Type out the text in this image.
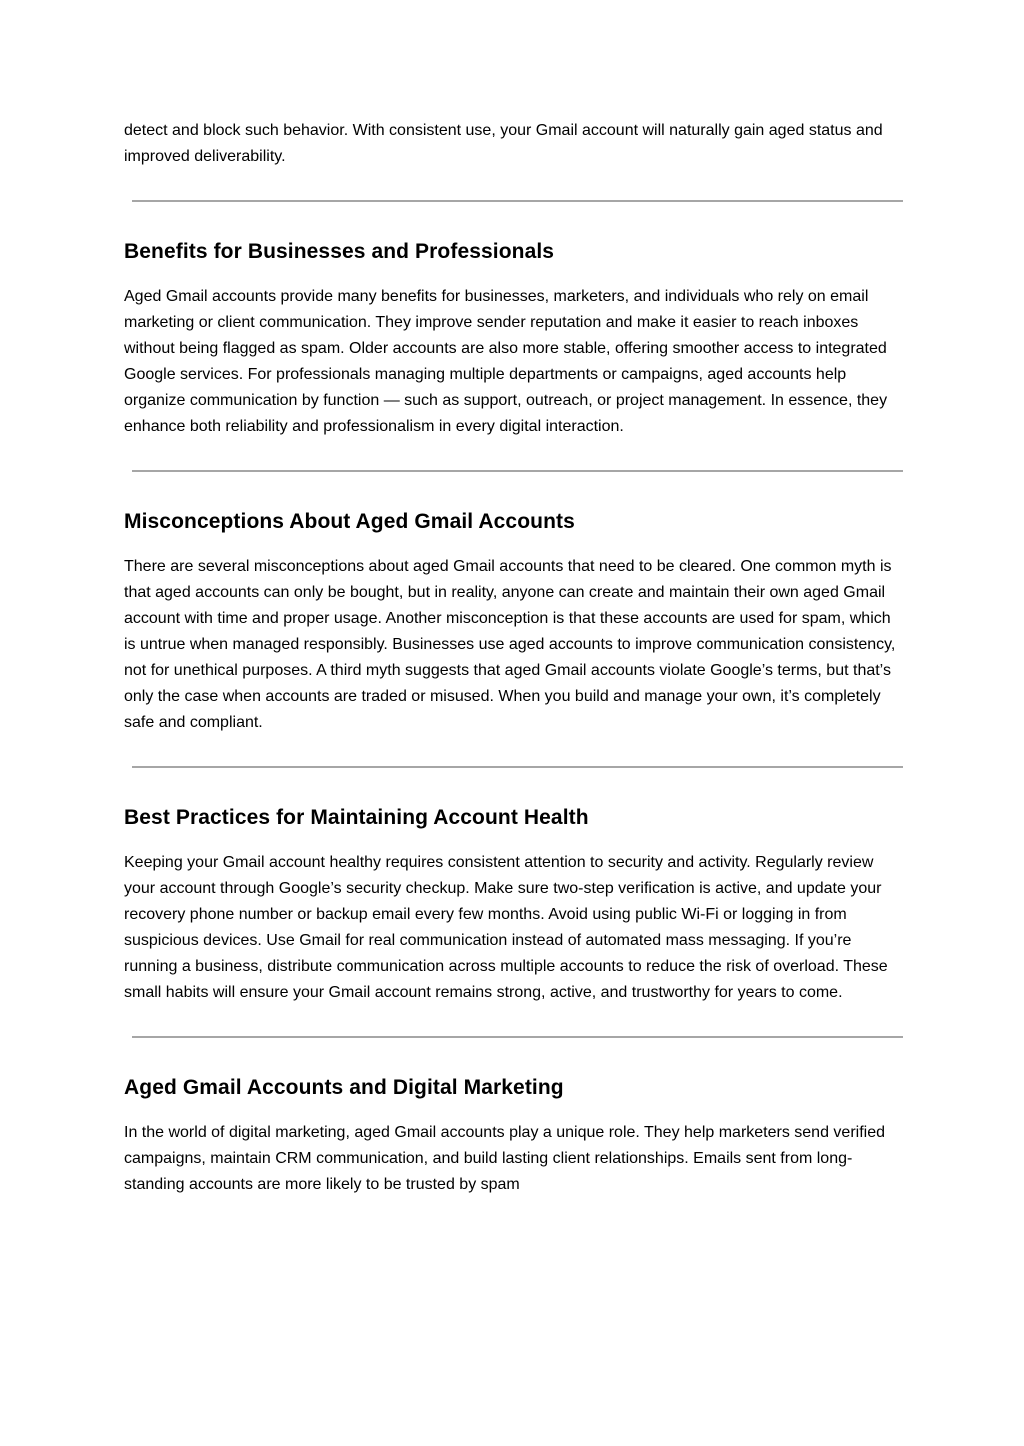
detect and block such behavior. With consistent use, your Gmail account will naturally gain aged status and improved deliverability.

Benefits for Businesses and Professionals

Aged Gmail accounts provide many benefits for businesses, marketers, and individuals who rely on email marketing or client communication. They improve sender reputation and make it easier to reach inboxes without being flagged as spam. Older accounts are also more stable, offering smoother access to integrated Google services. For professionals managing multiple departments or campaigns, aged accounts help organize communication by function — such as support, outreach, or project management. In essence, they enhance both reliability and professionalism in every digital interaction.

Misconceptions About Aged Gmail Accounts

There are several misconceptions about aged Gmail accounts that need to be cleared. One common myth is that aged accounts can only be bought, but in reality, anyone can create and maintain their own aged Gmail account with time and proper usage. Another misconception is that these accounts are used for spam, which is untrue when managed responsibly. Businesses use aged accounts to improve communication consistency, not for unethical purposes. A third myth suggests that aged Gmail accounts violate Google’s terms, but that’s only the case when accounts are traded or misused. When you build and manage your own, it’s completely safe and compliant.

Best Practices for Maintaining Account Health

Keeping your Gmail account healthy requires consistent attention to security and activity. Regularly review your account through Google’s security checkup. Make sure two-step verification is active, and update your recovery phone number or backup email every few months. Avoid using public Wi-Fi or logging in from suspicious devices. Use Gmail for real communication instead of automated mass messaging. If you’re running a business, distribute communication across multiple accounts to reduce the risk of overload. These small habits will ensure your Gmail account remains strong, active, and trustworthy for years to come.

Aged Gmail Accounts and Digital Marketing

In the world of digital marketing, aged Gmail accounts play a unique role. They help marketers send verified campaigns, maintain CRM communication, and build lasting client relationships. Emails sent from long-standing accounts are more likely to be trusted by spam
